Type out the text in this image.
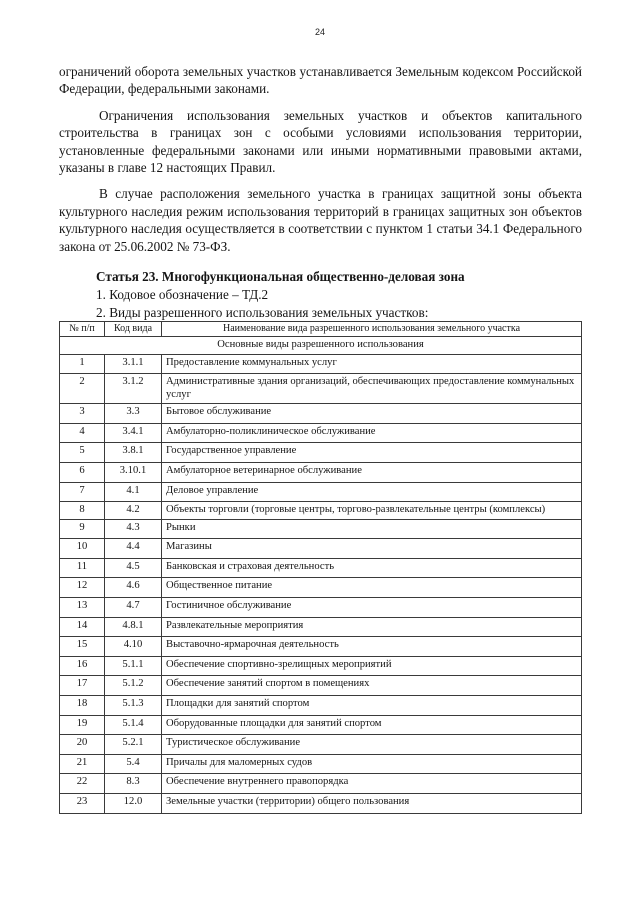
24

ограничений оборота земельных участков устанавливается Земельным кодексом Российской Федерации, федеральными законами.

Ограничения использования земельных участков и объектов капитального строительства в границах зон с особыми условиями использования территории, установленные федеральными законами или иными нормативными правовыми актами, указаны в главе 12 настоящих Правил.

В случае расположения земельного участка в границах защитной зоны объекта культурного наследия режим использования территорий в границах защитных зон объектов культурного наследия осуществляется в соответствии с пунктом 1 статьи 34.1 Федерального закона от 25.06.2002 № 73-ФЗ.

Статья 23. Многофункциональная общественно-деловая зона
1. Кодовое обозначение – ТД.2
2. Виды разрешенного использования земельных участков:
№ п/п	Код вида	Наименование вида разрешенного использования земельного участка
Основные виды разрешенного использования		
1	3.1.1	Предоставление коммунальных услуг
2	3.1.2	Административные здания организаций, обеспечивающих предоставление коммунальных услуг
3	3.3	Бытовое обслуживание
4	3.4.1	Амбулаторно-поликлиническое обслуживание
5	3.8.1	Государственное управление
6	3.10.1	Амбулаторное ветеринарное обслуживание
7	4.1	Деловое управление
8	4.2	Объекты торговли (торговые центры, торгово-развлекательные центры (комплексы)
9	4.3	Рынки
10	4.4	Магазины
11	4.5	Банковская и страховая деятельность
12	4.6	Общественное питание
13	4.7	Гостиничное обслуживание
14	4.8.1	Развлекательные мероприятия
15	4.10	Выставочно-ярмарочная деятельность
16	5.1.1	Обеспечение спортивно-зрелищных мероприятий
17	5.1.2	Обеспечение занятий спортом в помещениях
18	5.1.3	Площадки для занятий спортом
19	5.1.4	Оборудованные площадки для занятий спортом
20	5.2.1	Туристическое обслуживание
21	5.4	Причалы для маломерных судов
22	8.3	Обеспечение внутреннего правопорядка
23	12.0	Земельные участки (территории) общего пользования
